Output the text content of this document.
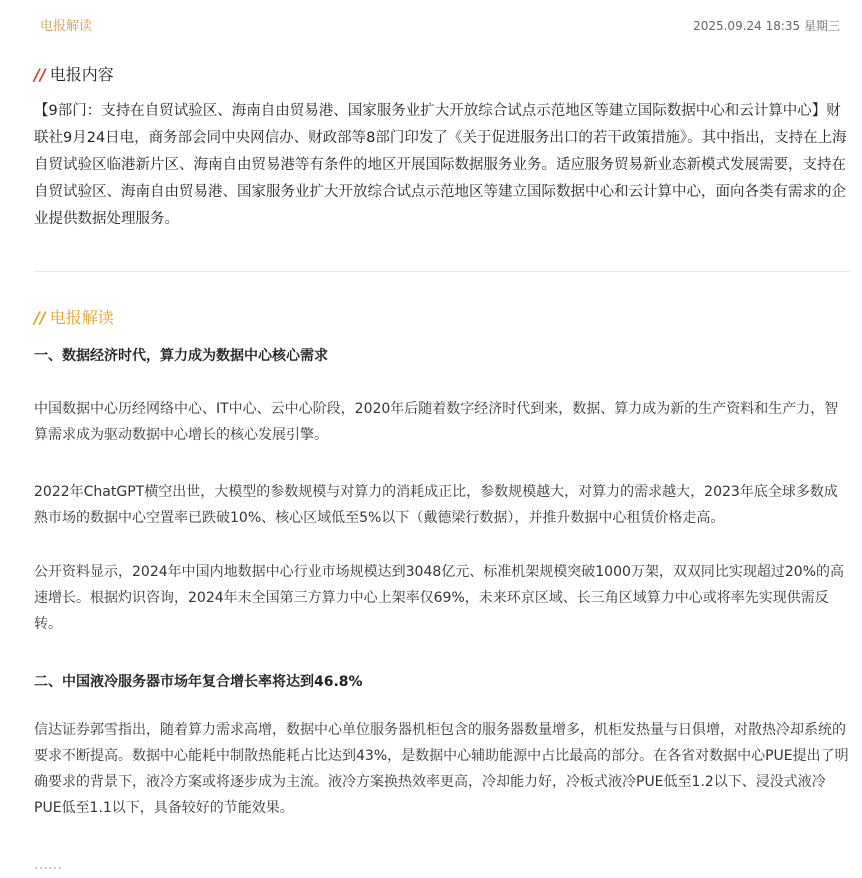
电报解读	2025.09.24 18:35 星期三
// 电报内容

【9部门：支持在自贸试验区、海南自由贸易港、国家服务业扩大开放综合试点示范地区等建立国际数据中心和云计算中心】财联社9月24日电，商务部会同中央网信办、财政部等8部门印发了《关于促进服务出口的若干政策措施》。其中指出，支持在上海自贸试验区临港新片区、海南自由贸易港等有条件的地区开展国际数据服务业务。适应服务贸易新业态新模式发展需要，支持在自贸试验区、海南自由贸易港、国家服务业扩大开放综合试点示范地区等建立国际数据中心和云计算中心，面向各类有需求的企业提供数据处理服务。

// 电报解读
一、数据经济时代，算力成为数据中心核心需求

中国数据中心历经网络中心、IT中心、云中心阶段，2020年后随着数字经济时代到来，数据、算力成为新的生产资料和生产力，智算需求成为驱动数据中心增长的核心发展引擎。

2022年ChatGPT横空出世，大模型的参数规模与对算力的消耗成正比，参数规模越大，对算力的需求越大，2023年底全球多数成熟市场的数据中心空置率已跌破10%、核心区域低至5%以下（戴德梁行数据），并推升数据中心租赁价格走高。

公开资料显示，2024年中国内地数据中心行业市场规模达到3048亿元、标准机架规模突破1000万架，双双同比实现超过20%的高速增长。根据灼识咨询，2024年末全国第三方算力中心上架率仅69%，未来环京区域、长三角区域算力中心或将率先实现供需反转。

二、中国液冷服务器市场年复合增长率将达到46.8%

信达证券郭雪指出，随着算力需求高增，数据中心单位服务器机柜包含的服务器数量增多，机柜发热量与日俱增，对散热冷却系统的要求不断提高。数据中心能耗中制散热能耗占比达到43%，是数据中心辅助能源中占比最高的部分。在各省对数据中心PUE提出了明确要求的背景下，液冷方案或将逐步成为主流。液冷方案换热效率更高，冷却能力好，冷板式液冷PUE低至1.2以下、浸没式液冷PUE低至1.1以下，具备较好的节能效果。

……
